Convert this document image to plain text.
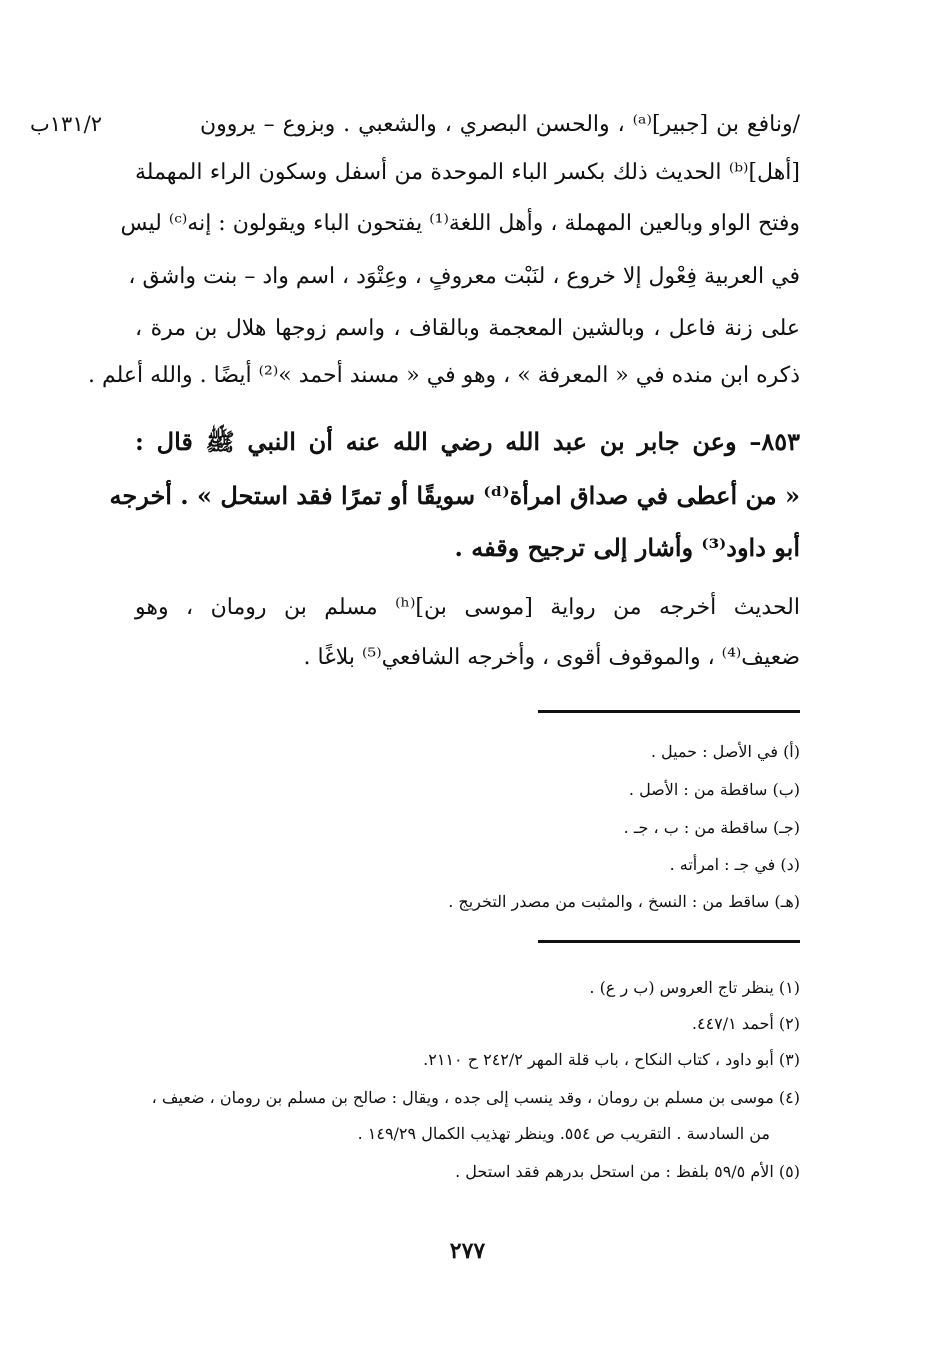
١٣١/٢ب	/ونافع بن [جبير]⁽ᵃ⁾ ، والحسن البصري ، والشعبي . وبزوع – يروون
[أهل]⁽ᵇ⁾ الحديث ذلك بكسر الباء الموحدة من أسفل وسكون الراء المهملة
وفتح الواو وبالعين المهملة ، وأهل اللغة⁽¹⁾ يفتحون الباء ويقولون : إنه⁽ᶜ⁾ ليس
في العربية فِعْول إلا خروع ، لنَبْت معروفٍ ، وعِتْوَد ، اسم واد – بنت واشق ،
على زنة فاعل ، وبالشين المعجمة وبالقاف ، واسم زوجها هلال بن مرة ،
ذكره ابن منده في « المعرفة » ، وهو في « مسند أحمد »⁽²⁾ أيضًا . والله أعلم .
٨٥٣– وعن جابر بن عبد الله رضي الله عنه أن النبي ﷺ قال :
« من أعطى في صداق امرأة⁽ᵈ⁾ سويقًا أو تمرًا فقد استحل » . أخرجه
أبو داود⁽³⁾ وأشار إلى ترجيح وقفه .
الحديث أخرجه من رواية [موسى بن]⁽ʰ⁾ مسلم بن رومان ، وهو
ضعيف⁽⁴⁾ ، والموقوف أقوى ، وأخرجه الشافعي⁽⁵⁾ بلاغًا .
(أ) في الأصل : حميل .
(ب) ساقطة من : الأصل .
(جـ) ساقطة من : ب ، جـ .
(د) في جـ : امرأته .
(هـ) ساقط من : النسخ ، والمثبت من مصدر التخريج .
(١) ينظر تاج العروس (ب ر ع) .
(٢) أحمد ٤٤٧/١.
(٣) أبو داود ، كتاب النكاح ، باب قلة المهر ٢٤٢/٢ ح ٢١١٠.
(٤) موسى بن مسلم بن رومان ، وقد ينسب إلى جده ، ويقال : صالح بن مسلم بن رومان ، ضعيف ،
من السادسة . التقريب ص ٥٥٤. وينظر تهذيب الكمال ١٤٩/٢٩ .
(٥) الأم ٥٩/٥ بلفظ : من استحل بدرهم فقد استحل .
٢٧٧
